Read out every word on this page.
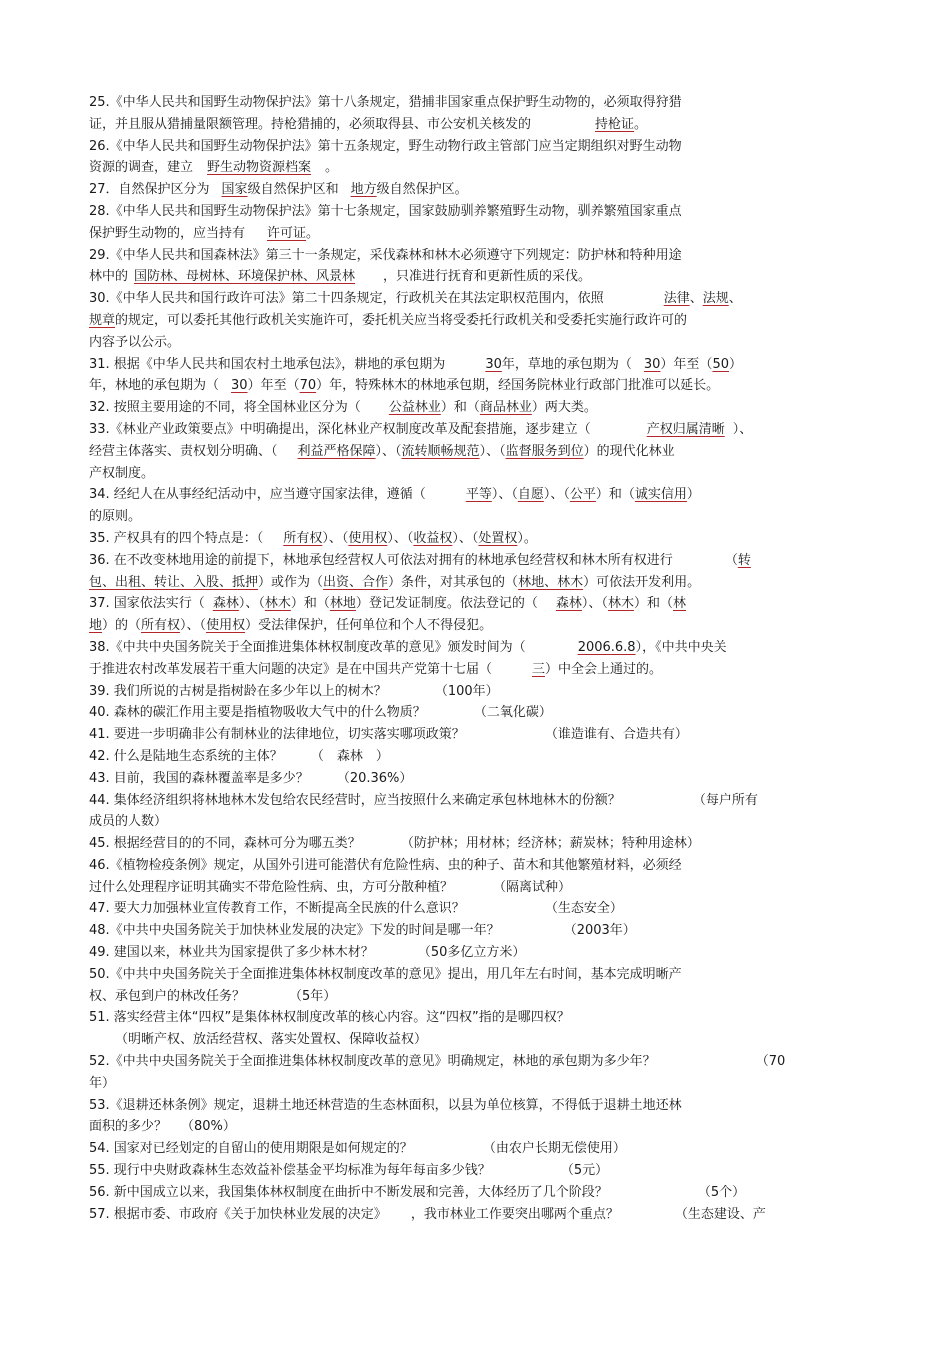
25.《中华人民共和国野生动物保护法》第十八条规定，猎捕非国家重点保护野生动物的，必须取得狩猎
证，并且服从猎捕量限额管理。持枪猎捕的，必须取得县、市公安机关核发的	持枪证。
26.《中华人民共和国野生动物保护法》第十五条规定，野生动物行政主管部门应当定期组织对野生动物
资源的调查，建立 野生动物资源档案 。
27．自然保护区分为 国家级自然保护区和 地方级自然保护区。
28.《中华人民共和国野生动物保护法》第十七条规定，国家鼓励驯养繁殖野生动物，驯养繁殖国家重点
保护野生动物的，应当持有 许可证。
29.《中华人民共和国森林法》第三十一条规定，采伐森林和林木必须遵守下列规定：防护林和特种用途
林中的 国防林、母树林、环境保护林、风景林 ，只准进行抚育和更新性质的采伐。
30.《中华人民共和国行政许可法》第二十四条规定，行政机关在其法定职权范围内，依照	法律、法规、
规章的规定，可以委托其他行政机关实施许可，委托机关应当将受委托行政机关和受委托实施行政许可的
内容予以公示。
31. 根据《中华人民共和国农村土地承包法》，耕地的承包期为	30年，草地的承包期为（ 30）年至（50）
年，林地的承包期为（ 30）年至（70）年，特殊林木的林地承包期，经国务院林业行政部门批准可以延长。
32. 按照主要用途的不同，将全国林业区分为（ 公益林业）和（商品林业）两大类。
33.《林业产业政策要点》中明确提出，深化林业产权制度改革及配套措施，逐步建立（	产权归属清晰 ）、
经营主体落实、责权划分明确、（ 利益严格保障）、（流转顺畅规范）、（监督服务到位）的现代化林业
产权制度。
34. 经纪人在从事经纪活动中，应当遵守国家法律，遵循（	平等）、（自愿）、（公平）和（诚实信用）
的原则。
35. 产权具有的四个特点是：（ 所有权）、（使用权）、（收益权）、（处置权）。
36. 在不改变林地用途的前提下，林地承包经营权人可依法对拥有的林地承包经营权和林木所有权进行	（转
包、出租、转让、入股、抵押）或作为（出资、合作）条件，对其承包的（林地、林木）可依法开发利用。
37. 国家依法实行（ 森林）、（林木）和（林地）登记发证制度。依法登记的（ 森林）、（林木）和（林
地）的（所有权）、（使用权）受法律保护，任何单位和个人不得侵犯。
38.《中共中央国务院关于全面推进集体林权制度改革的意见》颁发时间为（	2006.6.8），《中共中央关
于推进农村改革发展若干重大问题的决定》是在中国共产党第十七届（	三）中全会上通过的。
39. 我们所说的古树是指树龄在多少年以上的树木？	（100年）
40. 森林的碳汇作用主要是指植物吸收大气中的什么物质？	（二氧化碳）
41. 要进一步明确非公有制林业的法律地位，切实落实哪项政策？	（谁造谁有、合造共有）
42. 什么是陆地生态系统的主体？ （　森林　）
43. 目前，我国的森林覆盖率是多少？ （20.36%）
44. 集体经济组织将林地林木发包给农民经营时，应当按照什么来确定承包林地林木的份额？	（每户所有
成员的人数）
45. 根据经营目的的不同，森林可分为哪五类？	（防护林；用材林；经济林；薪炭林；特种用途林）
46.《植物检疫条例》规定，从国外引进可能潜伏有危险性病、虫的种子、苗木和其他繁殖材料，必须经
过什么处理程序证明其确实不带危险性病、虫，方可分散种植？	（隔离试种）
47. 要大力加强林业宣传教育工作，不断提高全民族的什么意识？	（生态安全）
48.《中共中央国务院关于加快林业发展的决定》下发的时间是哪一年？	（2003年）
49. 建国以来，林业共为国家提供了多少林木材？	（50多亿立方米）
50.《中共中央国务院关于全面推进集体林权制度改革的意见》提出，用几年左右时间，基本完成明晰产
权、承包到户的林改任务？	（5年）
51. 落实经营主体“四权”是集体林权制度改革的核心内容。这“四权”指的是哪四权？
（明晰产权、放活经营权、落实处置权、保障收益权）
52.《中共中央国务院关于全面推进集体林权制度改革的意见》明确规定，林地的承包期为多少年？	（70
年）
53.《退耕还林条例》规定，退耕土地还林营造的生态林面积，以县为单位核算，不得低于退耕土地还林
面积的多少？ （80%）
54. 国家对已经划定的自留山的使用期限是如何规定的？	（由农户长期无偿使用）
55. 现行中央财政森林生态效益补偿基金平均标准为每年每亩多少钱？	（5元）
56. 新中国成立以来，我国集体林权制度在曲折中不断发展和完善，大体经历了几个阶段？	（5个）
57. 根据市委、市政府《关于加快林业发展的决定》 ，我市林业工作要突出哪两个重点？	（生态建设、产
